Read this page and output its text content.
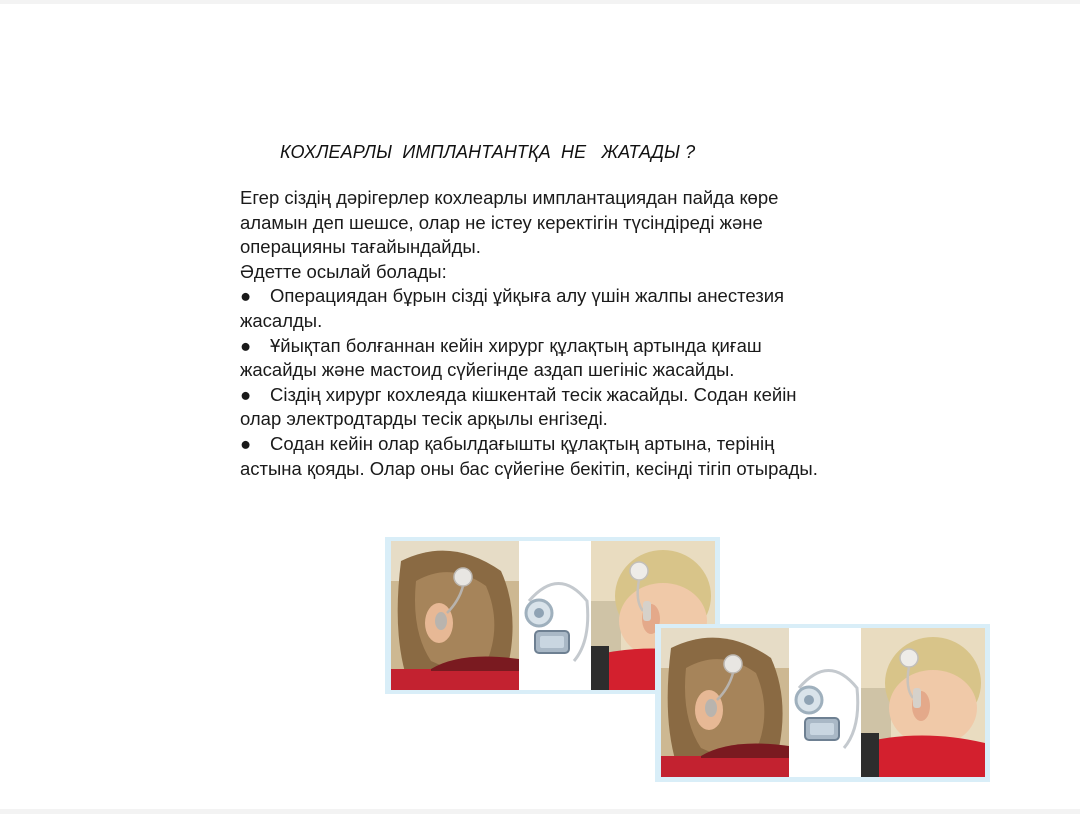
КОХЛЕАРЛЫ  ИМПЛАНТАНТҚА  НЕ   ЖАТАДЫ ?

Егер сіздің дәрігерлер кохлеарлы имплантациядан пайда көре аламын деп шешсе, олар не істеу керектігін түсіндіреді және операцияны тағайындайды.

Әдетте осылай болады:

● Операциядан бұрын сізді ұйқыға алу үшін жалпы анестезия жасалды.

● Ұйықтап болғаннан кейін хирург құлақтың артында қиғаш жасайды және мастоид сүйегінде аздап шегініс жасайды.

● Сіздің хирург кохлеяда кішкентай тесік жасайды. Содан кейін олар электродтарды тесік арқылы енгізеді.

● Содан кейін олар қабылдағышты құлақтың артына, терінің астына қояды. Олар оны бас сүйегіне бекітіп, кесінді тігіп отырады.
